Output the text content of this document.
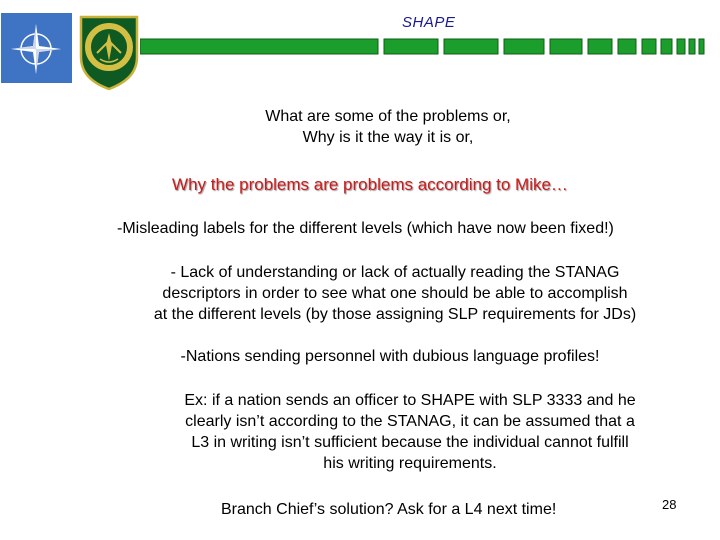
SHAPE
What are some of the problems or,
Why is it the way it is or,
Why the problems are problems according to Mike…
-Misleading labels for the different levels (which have now been fixed!)
- Lack of understanding or lack of actually reading the STANAG
descriptors in order to see what one should be able to accomplish
at the different levels (by those assigning SLP requirements for JDs)
-Nations sending personnel with dubious language profiles!
Ex: if a nation sends an officer to SHAPE with SLP 3333 and he
clearly isn’t according to the STANAG, it can be assumed that a
L3 in writing isn’t sufficient because the individual cannot fulfill
his writing requirements.
Branch Chief’s solution? Ask for a L4 next time!	28
